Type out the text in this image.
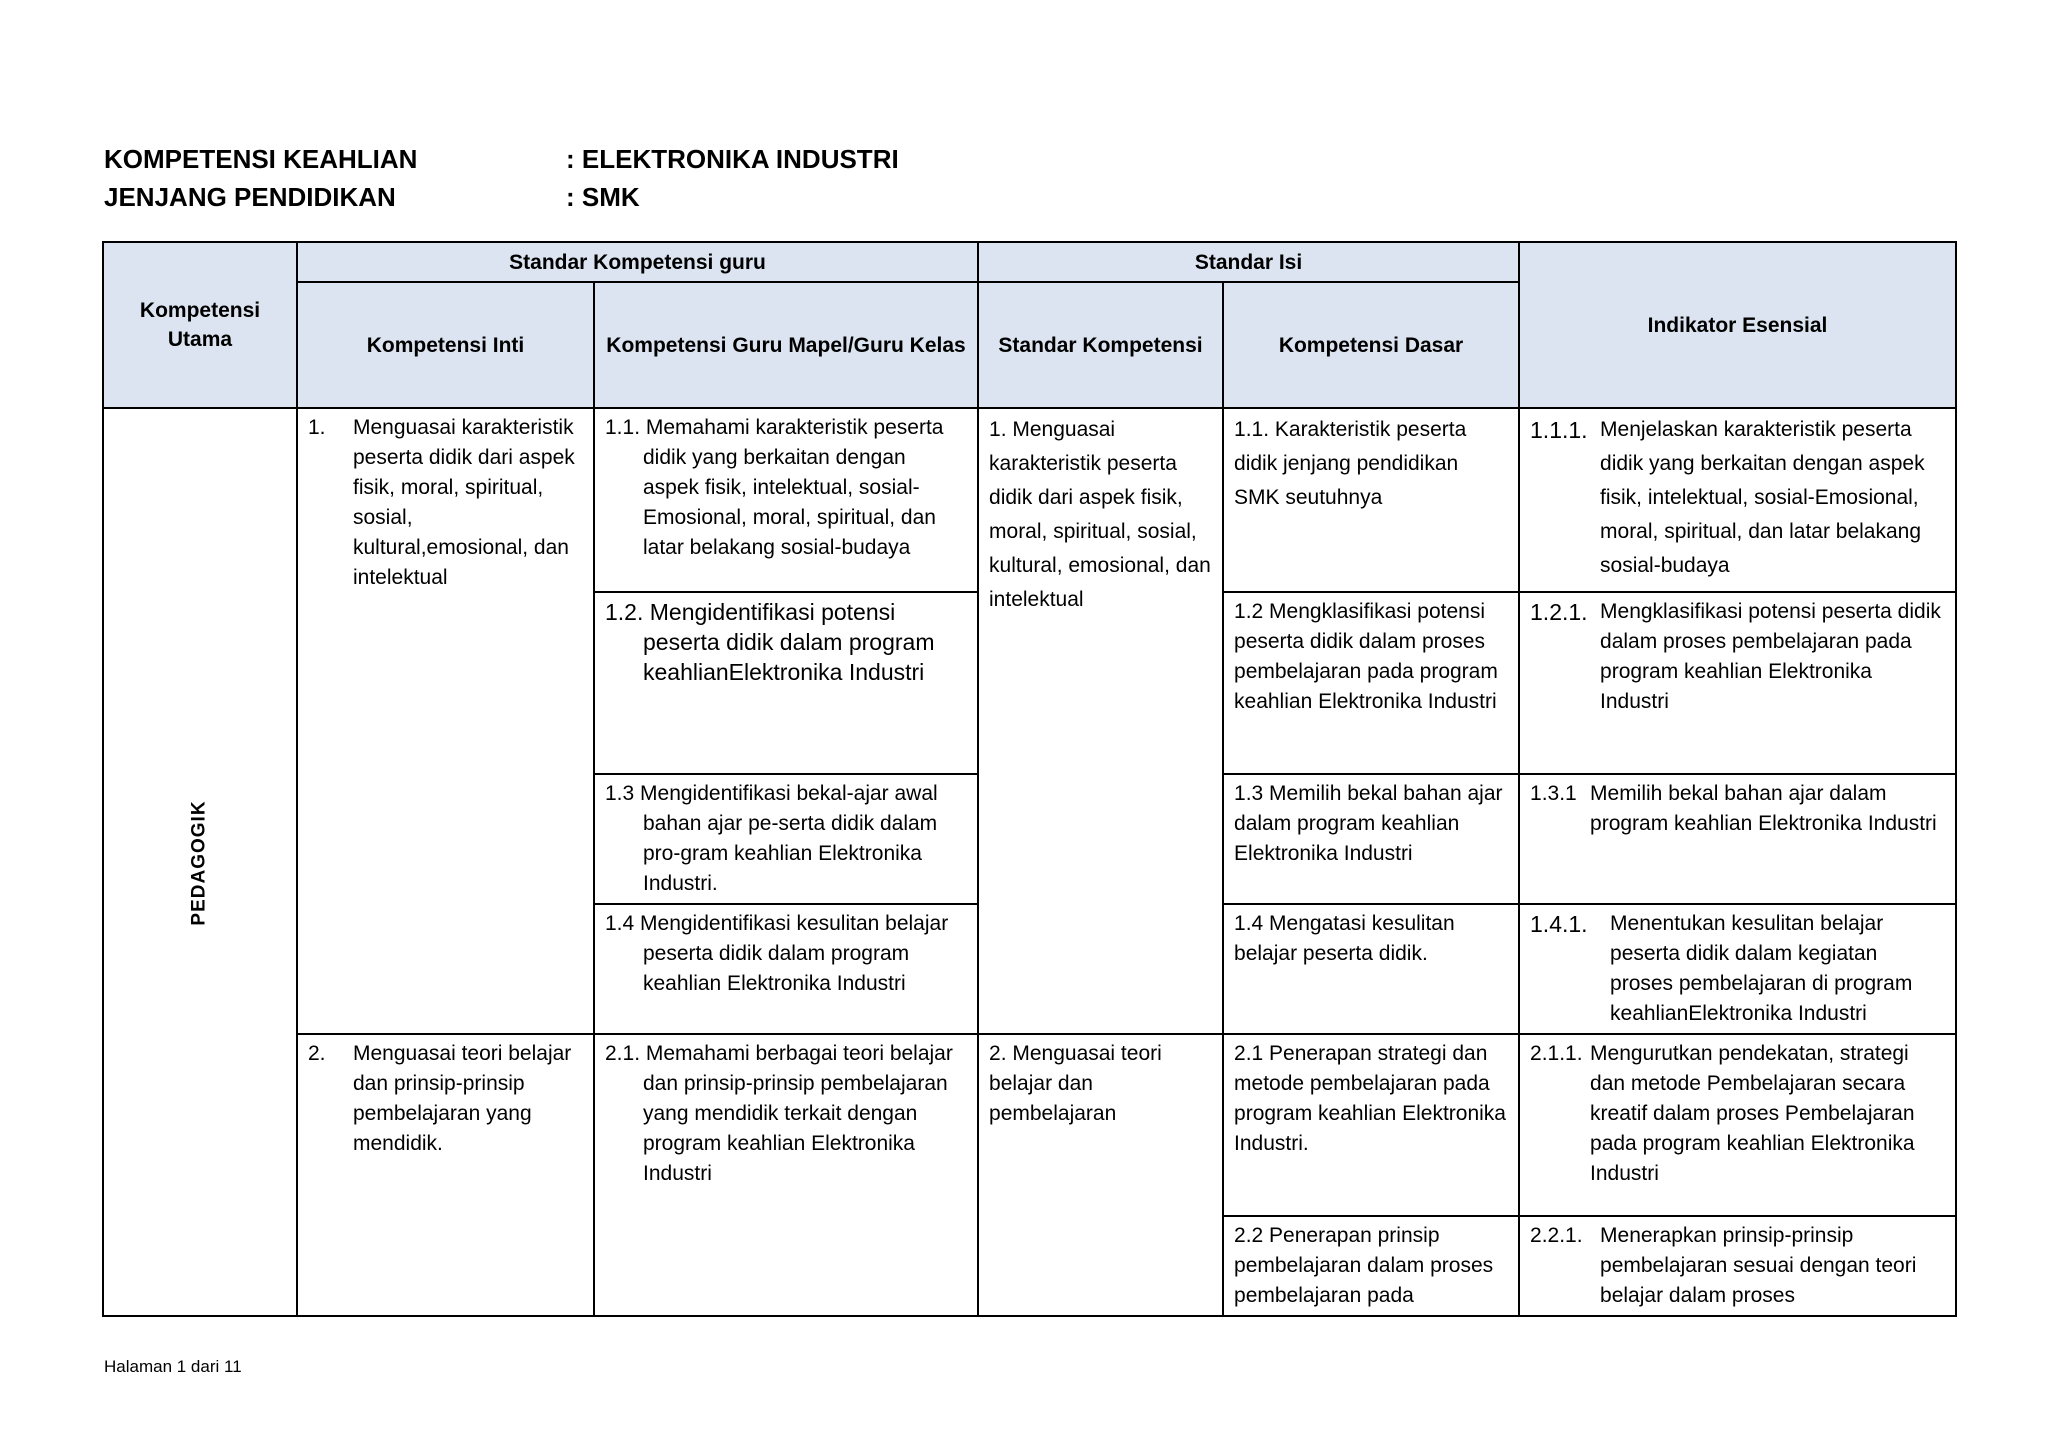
KOMPETENSI KEAHLIAN	: ELEKTRONIKA INDUSTRI
JENJANG PENDIDIKAN	: SMK
Kompetensi Utama	Standar Kompetensi guru		Standar Isi		Indikator Esensial
	Kompetensi Inti	Kompetensi Guru Mapel/Guru Kelas	Standar Kompetensi	Kompetensi Dasar	
PEDAGOGIK	1. Menguasai karakteristik peserta didik dari aspek fisik, moral, spiritual, sosial, kultural,emosional, dan intelektual	1.1. Memahami karakteristik peserta didik yang berkaitan dengan aspek fisik, intelektual, sosial-Emosional, moral, spiritual, dan latar belakang sosial-budaya	1. Menguasai karakteristik peserta didik dari aspek fisik, moral, spiritual, sosial, kultural, emosional, dan intelektual	1.1. Karakteristik peserta didik jenjang pendidikan SMK seutuhnya	1.1.1. Menjelaskan karakteristik peserta didik yang berkaitan dengan aspek fisik, intelektual, sosial-Emosional, moral, spiritual, dan latar belakang sosial-budaya

		1.2. Mengidentifikasi potensi peserta didik dalam program keahlianElektronika Industri		1.2 Mengklasifikasi potensi peserta didik dalam proses pembelajaran pada program keahlian Elektronika Industri	1.2.1. Mengklasifikasi potensi peserta didik dalam proses pembelajaran pada program keahlian Elektronika Industri

		1.3 Mengidentifikasi bekal-ajar awal bahan ajar pe-serta didik dalam pro-gram keahlian Elektronika Industri.		1.3 Memilih bekal bahan ajar dalam program keahlian Elektronika Industri	1.3.1 Memilih bekal bahan ajar dalam program keahlian Elektronika Industri

		1.4 Mengidentifikasi kesulitan belajar peserta didik dalam program keahlian Elektronika Industri		1.4 Mengatasi kesulitan belajar peserta didik.	1.4.1. Menentukan kesulitan belajar peserta didik dalam kegiatan proses pembelajaran di program keahlianElektronika Industri

	2. Menguasai teori belajar dan prinsip-prinsip pembelajaran yang mendidik.	2.1. Memahami berbagai teori belajar dan prinsip-prinsip pembelajaran yang mendidik terkait dengan program keahlian Elektronika Industri	2. Menguasai teori belajar dan pembelajaran	2.1 Penerapan strategi dan metode pembelajaran pada program keahlian Elektronika Industri.	2.1.1. Mengurutkan pendekatan, strategi dan metode Pembelajaran secara kreatif dalam proses Pembelajaran pada program keahlian Elektronika Industri

				2.2 Penerapan prinsip pembelajaran dalam proses pembelajaran pada	2.2.1. Menerapkan prinsip-prinsip pembelajaran sesuai dengan teori belajar dalam proses
Halaman 1 dari 11
